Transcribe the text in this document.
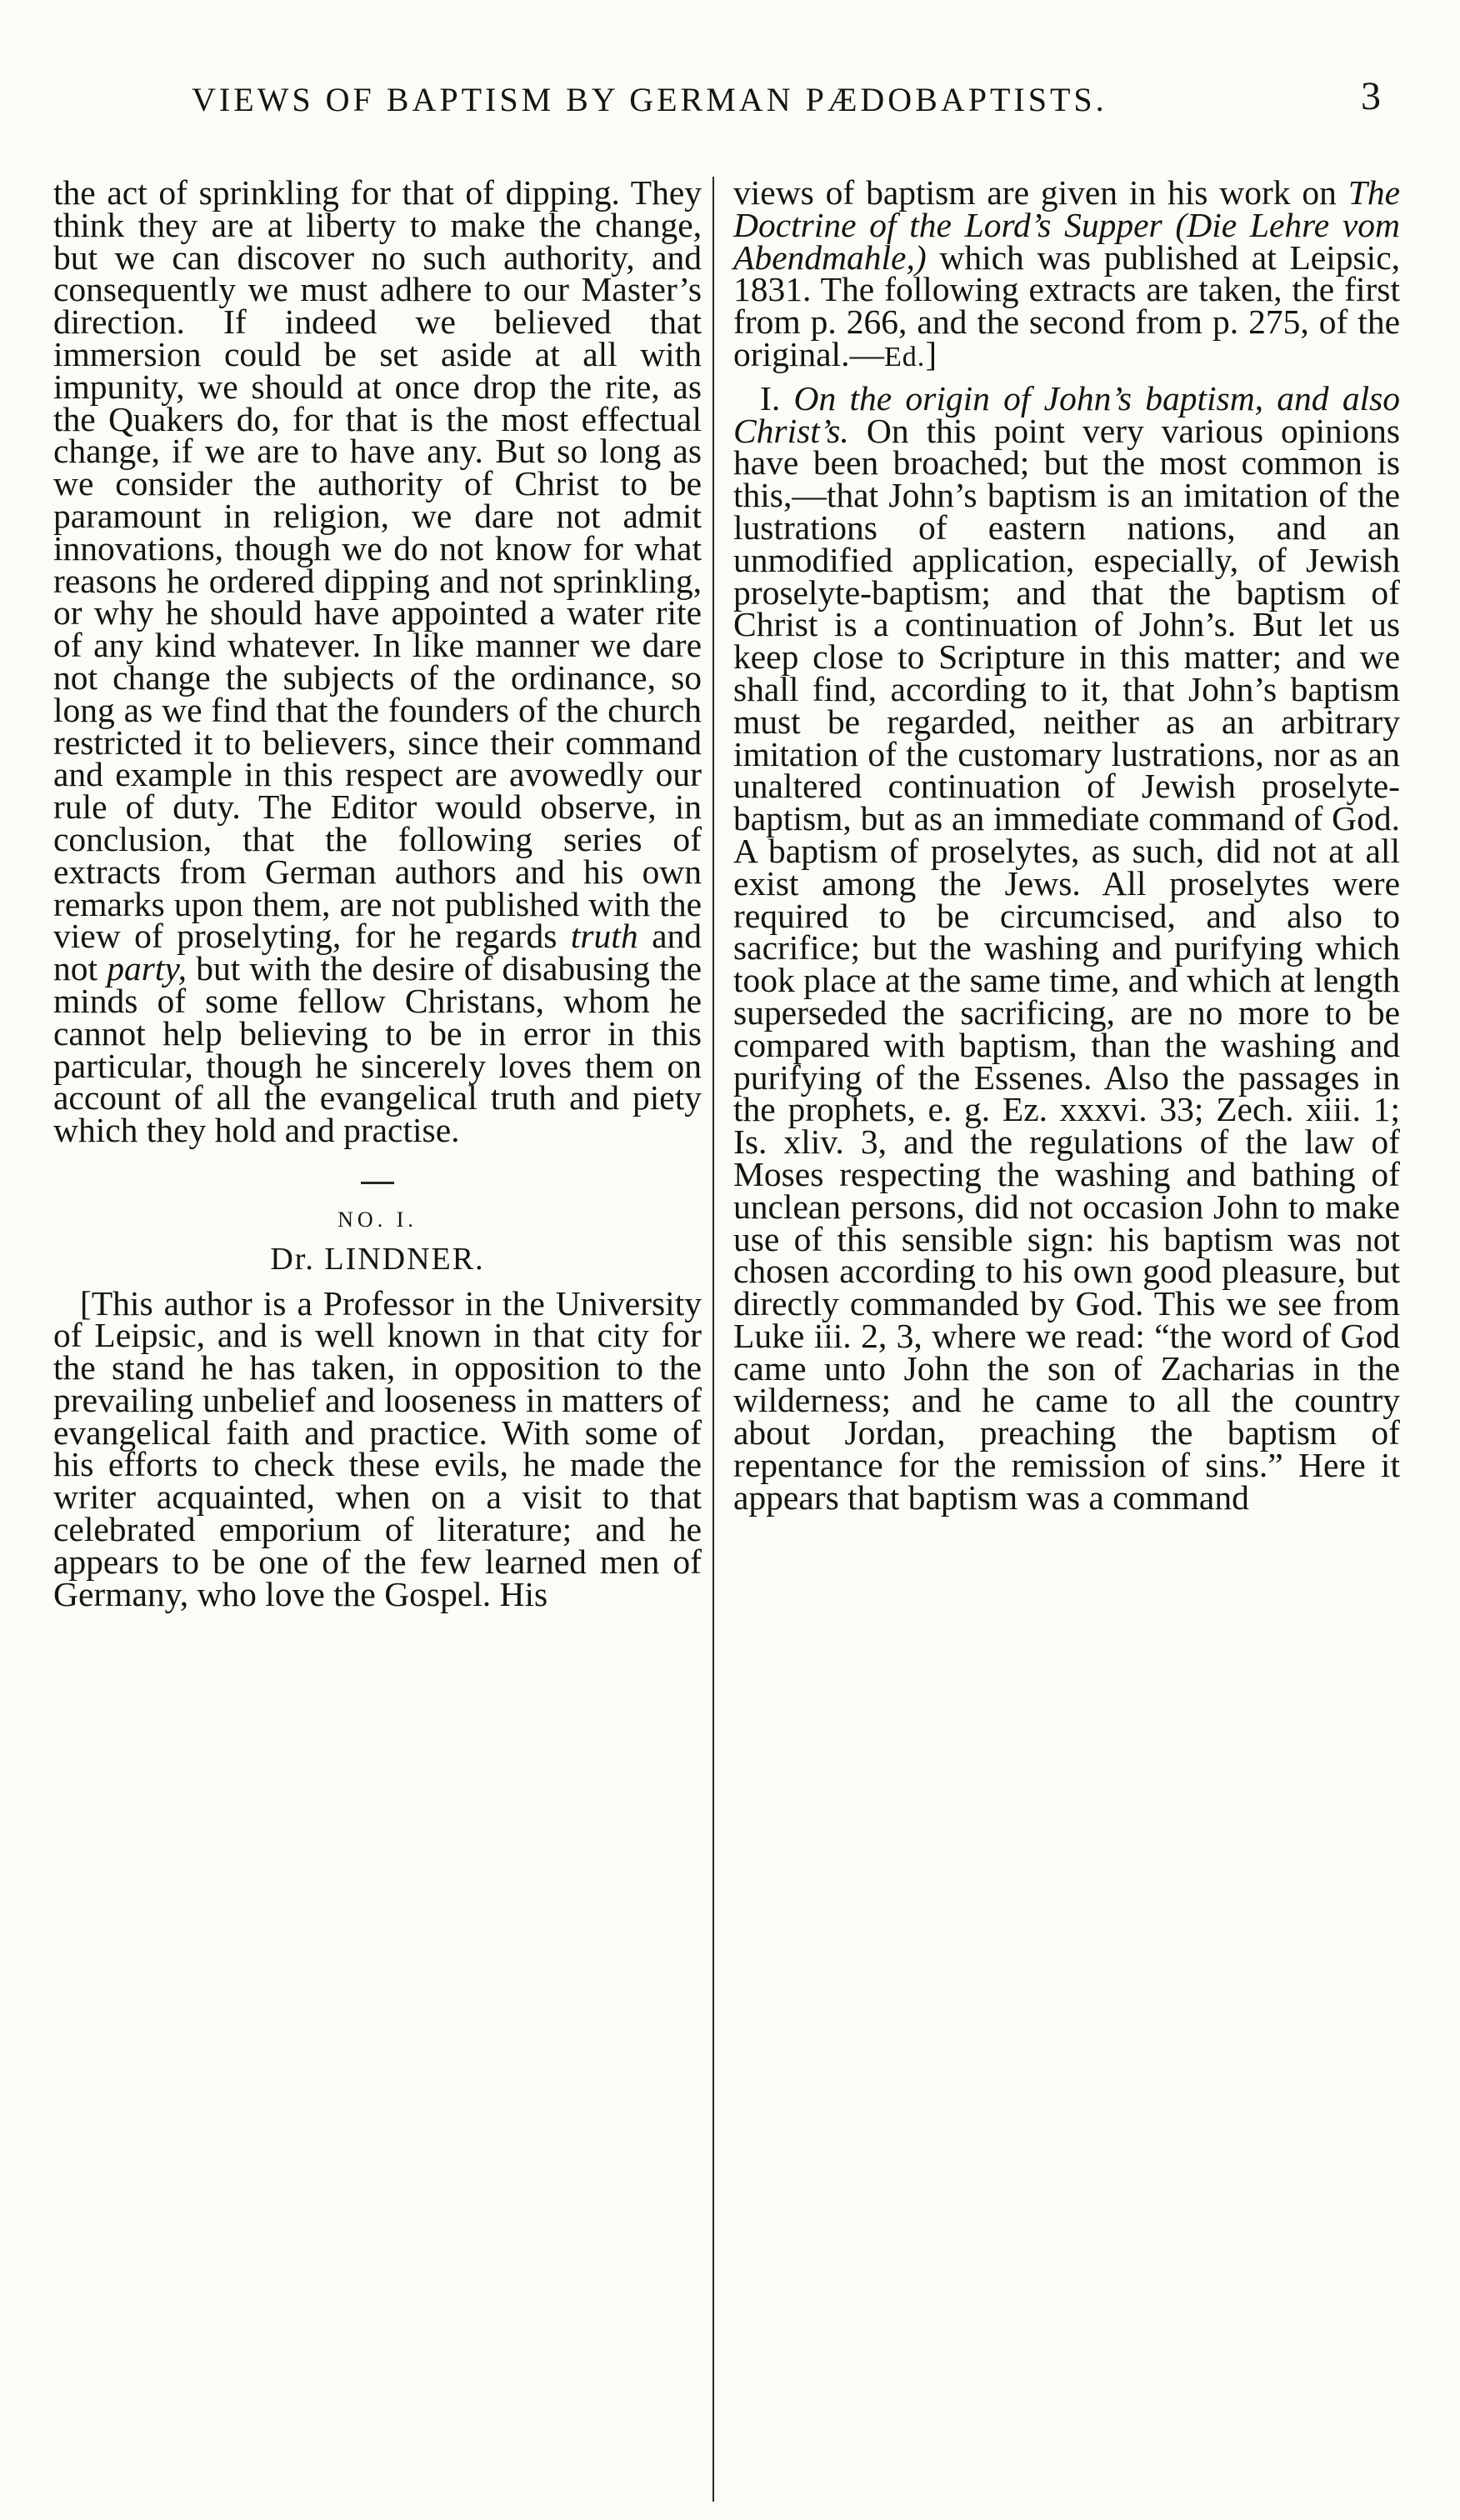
VIEWS OF BAPTISM BY GERMAN PÆDOBAPTISTS.	3

the act of sprinkling for that of dipping. They think they are at liberty to make the change, but we can discover no such authority, and consequently we must adhere to our Master’s direction. If indeed we believed that immersion could be set aside at all with impunity, we should at once drop the rite, as the Quakers do, for that is the most effectual change, if we are to have any. But so long as we consider the authority of Christ to be paramount in religion, we dare not admit innovations, though we do not know for what reasons he ordered dipping and not sprinkling, or why he should have appointed a water rite of any kind whatever. In like manner we dare not change the subjects of the ordinance, so long as we find that the founders of the church restricted it to believers, since their command and example in this respect are avowedly our rule of duty. The Editor would observe, in conclusion, that the following series of extracts from German authors and his own remarks upon them, are not published with the view of proselyting, for he regards truth and not party, but with the desire of disabusing the minds of some fellow Christans, whom he cannot help believing to be in error in this particular, though he sincerely loves them on account of all the evangelical truth and piety which they hold and practise.

NO. I.
Dr. LINDNER.

[This author is a Professor in the University of Leipsic, and is well known in that city for the stand he has taken, in opposition to the prevailing unbelief and looseness in matters of evangelical faith and practice. With some of his efforts to check these evils, he made the writer acquainted, when on a visit to that celebrated emporium of literature; and he appears to be one of the few learned men of Germany, who love the Gospel. His

views of baptism are given in his work on The Doctrine of the Lord’s Supper (Die Lehre vom Abendmahle,) which was published at Leipsic, 1831. The following extracts are taken, the first from p. 266, and the second from p. 275, of the original.—Ed.]

I. On the origin of John’s baptism, and also Christ’s. On this point very various opinions have been broached; but the most common is this,—that John’s baptism is an imitation of the lustrations of eastern nations, and an unmodified application, especially, of Jewish proselyte-baptism; and that the baptism of Christ is a continuation of John’s. But let us keep close to Scripture in this matter; and we shall find, according to it, that John’s baptism must be regarded, neither as an arbitrary imitation of the customary lustrations, nor as an unaltered continuation of Jewish proselyte-baptism, but as an immediate command of God. A baptism of proselytes, as such, did not at all exist among the Jews. All proselytes were required to be circumcised, and also to sacrifice; but the washing and purifying which took place at the same time, and which at length superseded the sacrificing, are no more to be compared with baptism, than the washing and purifying of the Essenes. Also the passages in the prophets, e. g. Ez. xxxvi. 33; Zech. xiii. 1; Is. xliv. 3, and the regulations of the law of Moses respecting the washing and bathing of unclean persons, did not occasion John to make use of this sensible sign: his baptism was not chosen according to his own good pleasure, but directly commanded by God. This we see from Luke iii. 2, 3, where we read: “the word of God came unto John the son of Zacharias in the wilderness; and he came to all the country about Jordan, preaching the baptism of repentance for the remission of sins.” Here it appears that baptism was a command
